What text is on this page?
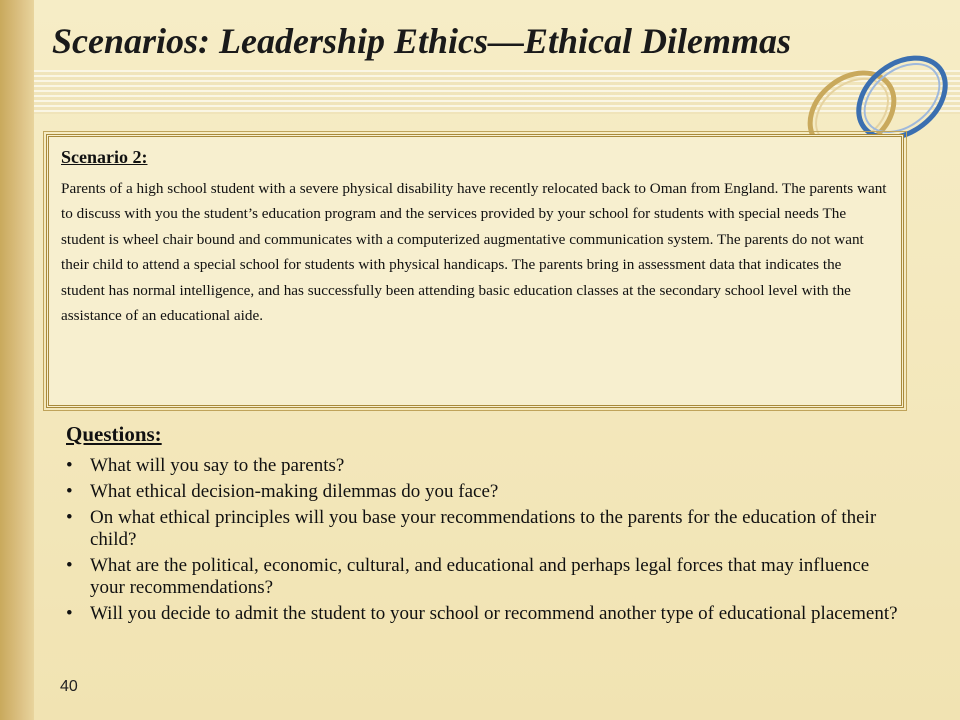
Scenarios: Leadership Ethics—Ethical Dilemmas

Scenario 2:

Parents of a high school student with a severe physical disability have recently relocated back to Oman from England. The parents want to discuss with you the student’s education program and the services provided by your school for students with special needs The student is wheel chair bound and communicates with a computerized augmentative communication system. The parents do not want their child to attend a special school for students with physical handicaps. The parents bring in assessment data that indicates the student has normal intelligence, and has successfully been attending basic education classes at the secondary school level with the assistance of an educational aide.

Questions:

• What will you say to the parents?
• What ethical decision-making dilemmas do you face?
• On what ethical principles will you base your recommendations to the parents for the education of their child?
• What are the political, economic, cultural, and educational and perhaps legal forces that may influence your recommendations?
• Will you decide to admit the student to your school or recommend another type of educational placement?

40
